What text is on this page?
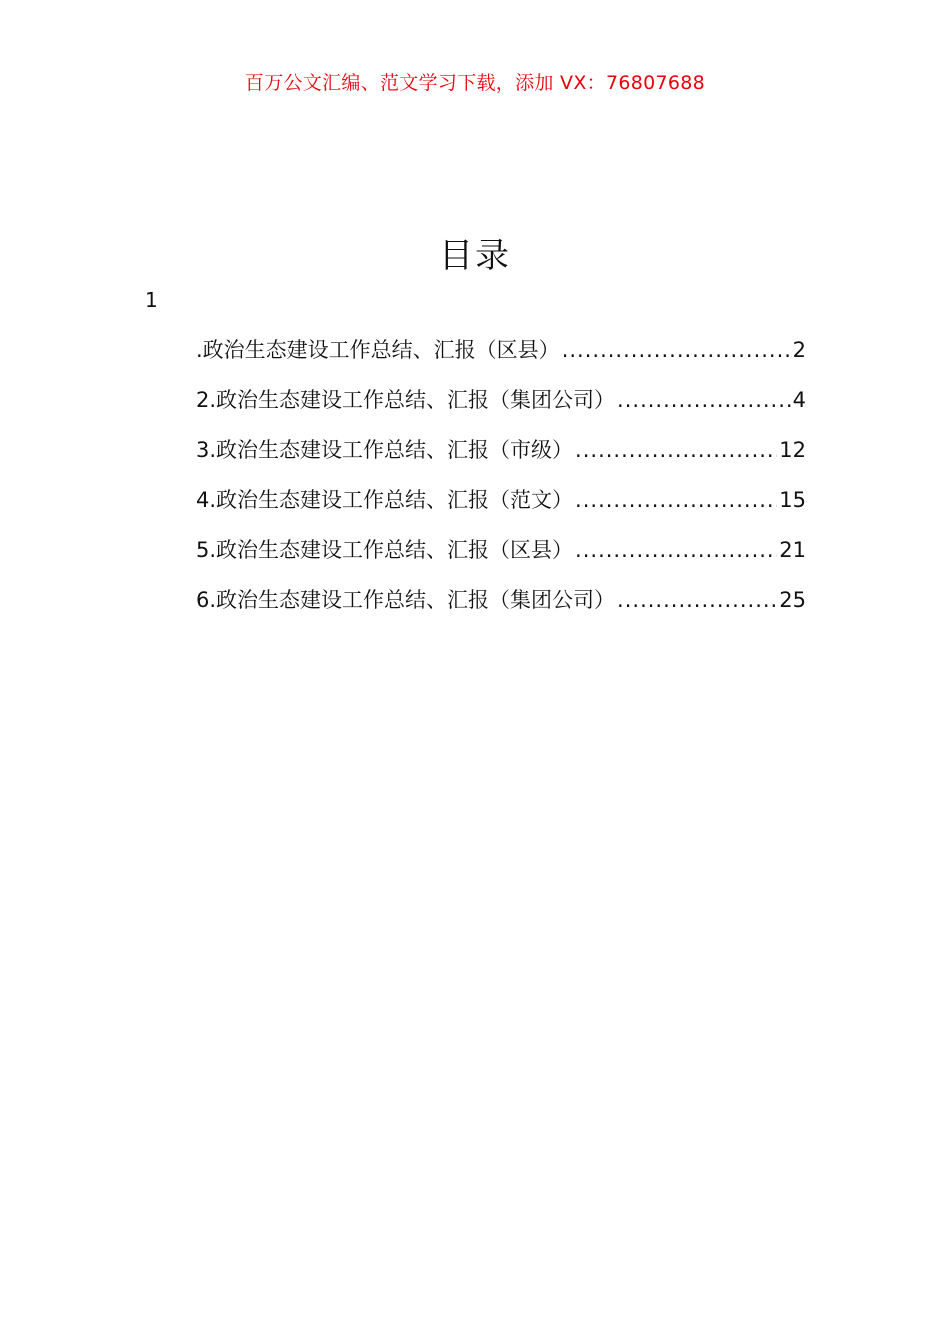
百万公文汇编、范文学习下载，添加 VX：76807688
目录
1
.政治生态建设工作总结、汇报（区县） .....	2
2.政治生态建设工作总结、汇报（集团公司） .....	4
3.政治生态建设工作总结、汇报（市级） .....	12
4.政治生态建设工作总结、汇报（范文） .....	15
5.政治生态建设工作总结、汇报（区县） .....	21
6.政治生态建设工作总结、汇报（集团公司） .....	25
